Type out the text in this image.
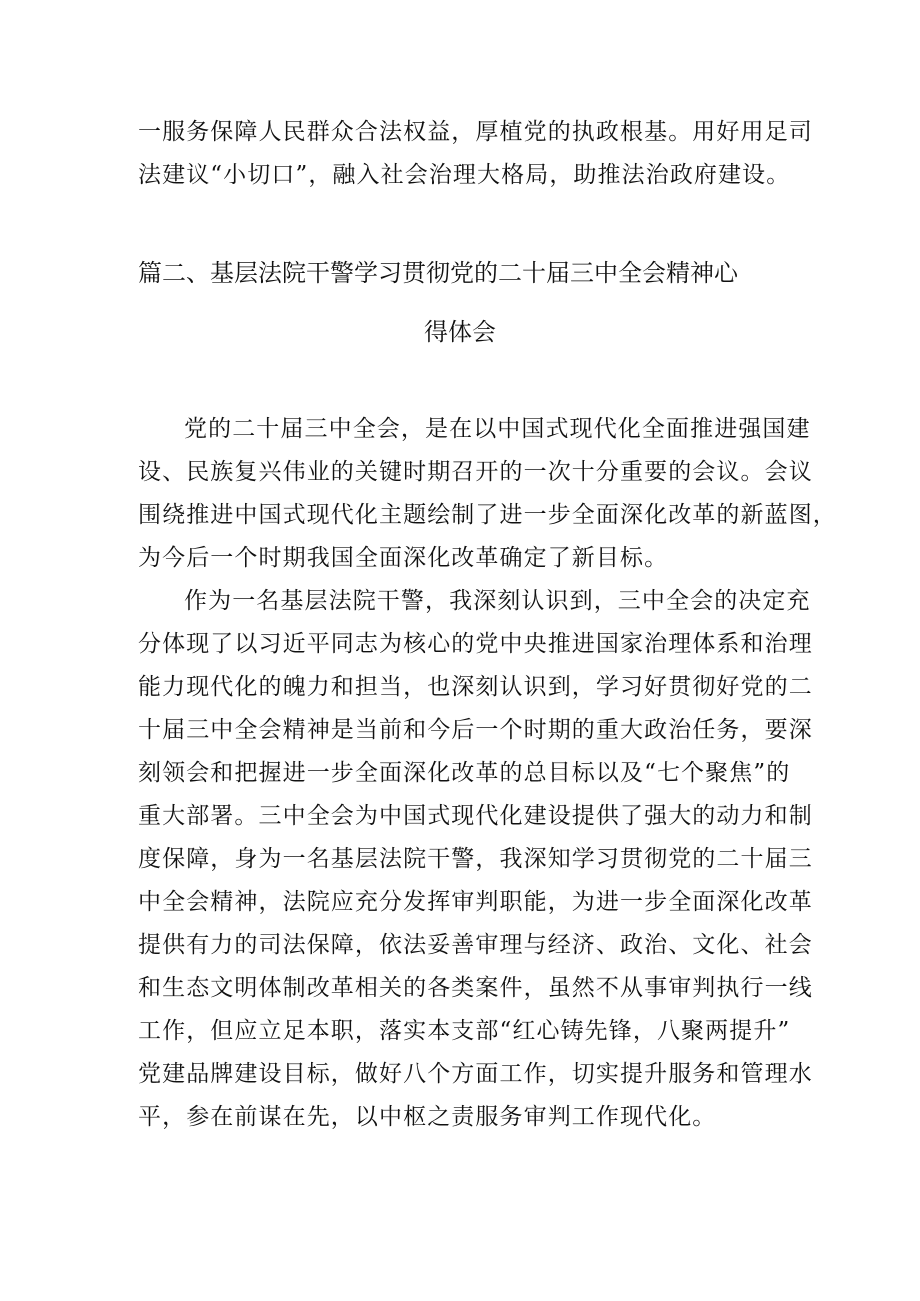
一服务保障人民群众合法权益，厚植党的执政根基。用好用足司
法建议“小切口”，融入社会治理大格局，助推法治政府建设。
篇二、基层法院干警学习贯彻党的二十届三中全会精神心
得体会
党的二十届三中全会，是在以中国式现代化全面推进强国建
设、民族复兴伟业的关键时期召开的一次十分重要的会议。会议
围绕推进中国式现代化主题绘制了进一步全面深化改革的新蓝图，
为今后一个时期我国全面深化改革确定了新目标。
作为一名基层法院干警，我深刻认识到，三中全会的决定充
分体现了以习近平同志为核心的党中央推进国家治理体系和治理
能力现代化的魄力和担当，也深刻认识到，学习好贯彻好党的二
十届三中全会精神是当前和今后一个时期的重大政治任务，要深
刻领会和把握进一步全面深化改革的总目标以及“七个聚焦”的
重大部署。三中全会为中国式现代化建设提供了强大的动力和制
度保障，身为一名基层法院干警，我深知学习贯彻党的二十届三
中全会精神，法院应充分发挥审判职能，为进一步全面深化改革
提供有力的司法保障，依法妥善审理与经济、政治、文化、社会
和生态文明体制改革相关的各类案件，虽然不从事审判执行一线
工作，但应立足本职，落实本支部“红心铸先锋，八聚两提升”
党建品牌建设目标，做好八个方面工作，切实提升服务和管理水
平，参在前谋在先，以中枢之责服务审判工作现代化。
